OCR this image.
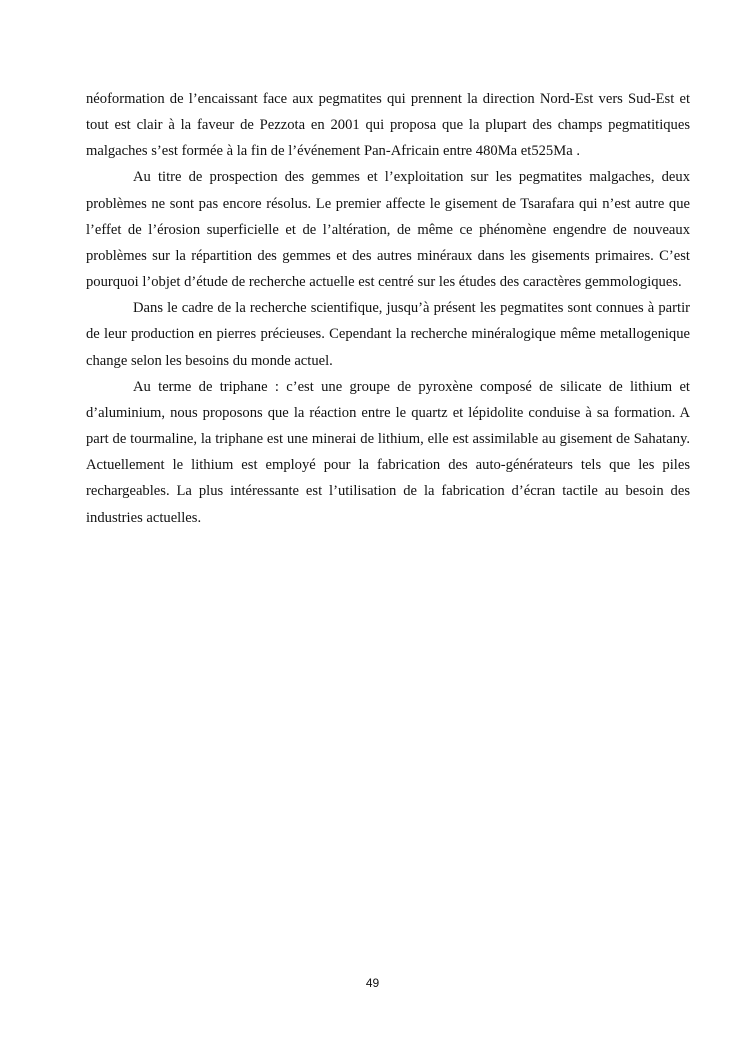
néoformation de l’encaissant face aux pegmatites qui prennent la direction Nord-Est vers Sud-Est et tout est clair à la faveur de Pezzota en 2001 qui proposa que la plupart des champs pegmatitiques malgaches s’est formée à la fin de l’événement Pan-Africain entre 480Ma et525Ma .

Au titre de prospection des gemmes et l’exploitation sur les pegmatites malgaches, deux problèmes ne sont pas encore résolus. Le premier affecte le gisement de Tsarafara qui n’est autre que l’effet de l’érosion superficielle et de l’altération, de même ce phénomène engendre de nouveaux problèmes sur la répartition des gemmes et des autres minéraux dans les gisements primaires. C’est pourquoi l’objet d’étude de recherche actuelle est centré sur les études des caractères gemmologiques.

Dans le cadre de la recherche scientifique, jusqu’à présent les pegmatites sont connues à partir de leur production en pierres précieuses. Cependant la recherche minéralogique même metallogenique change selon les besoins du monde actuel.

Au terme de triphane : c’est une groupe de pyroxène composé de silicate de lithium et d’aluminium, nous proposons que la réaction entre le quartz et lépidolite conduise à sa formation. A part de tourmaline, la triphane est une minerai de lithium, elle est assimilable au gisement de Sahatany. Actuellement le lithium est employé pour la fabrication des auto-générateurs tels que les piles rechargeables. La plus intéressante est l’utilisation de la fabrication d’écran tactile au besoin des industries actuelles.

49
